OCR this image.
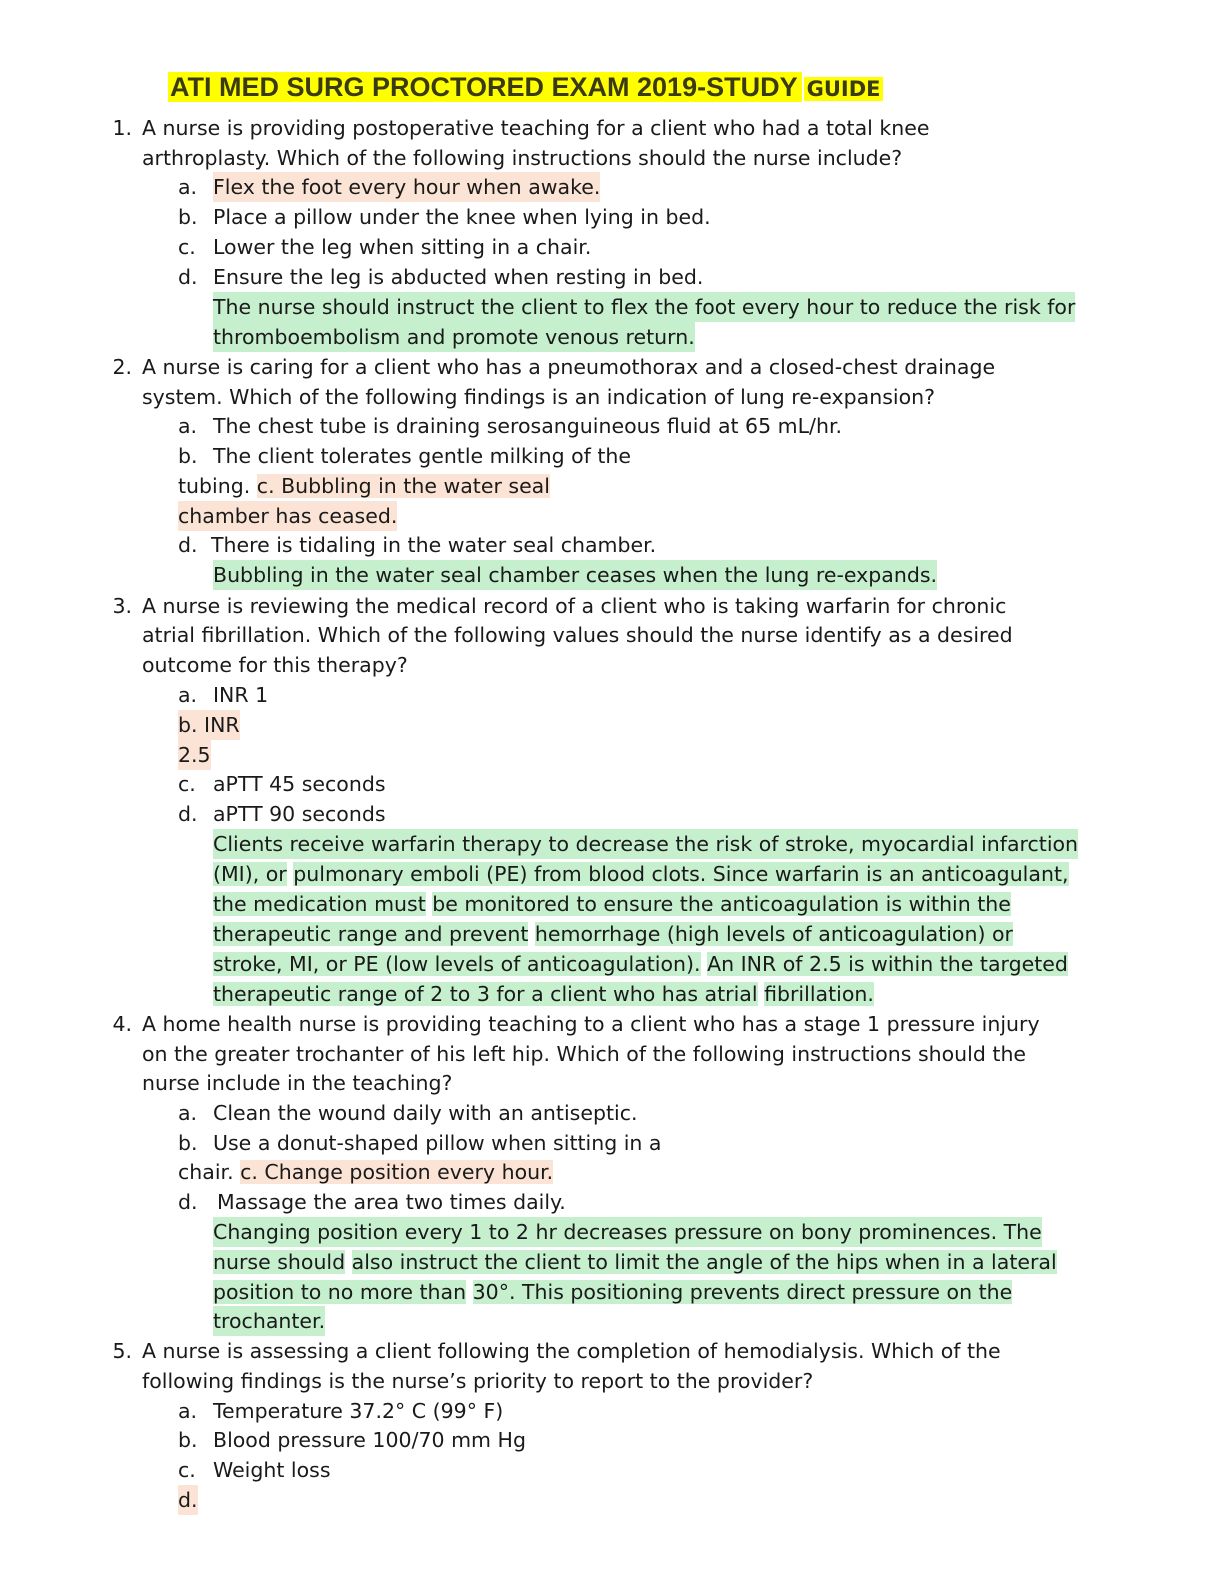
ATI MED SURG PROCTORED EXAM 2019-STUDY GUIDE
1. A nurse is providing postoperative teaching for a client who had a total knee
arthroplasty. Which of the following instructions should the nurse include?
a. Flex the foot every hour when awake.
b. Place a pillow under the knee when lying in bed.
c. Lower the leg when sitting in a chair.
d. Ensure the leg is abducted when resting in bed.
The nurse should instruct the client to flex the foot every hour to reduce the risk for
thromboembolism and promote venous return.
2. A nurse is caring for a client who has a pneumothorax and a closed-chest drainage
system. Which of the following findings is an indication of lung re-expansion?
a. The chest tube is draining serosanguineous fluid at 65 mL/hr.
b. The client tolerates gentle milking of the
tubing. c. Bubbling in the water seal
chamber has ceased.
d. There is tidaling in the water seal chamber.
Bubbling in the water seal chamber ceases when the lung re-expands.
3. A nurse is reviewing the medical record of a client who is taking warfarin for chronic
atrial fibrillation. Which of the following values should the nurse identify as a desired
outcome for this therapy?
a. INR 1
b. INR
2.5
c. aPTT 45 seconds
d. aPTT 90 seconds
Clients receive warfarin therapy to decrease the risk of stroke, myocardial infarction
(MI), or pulmonary emboli (PE) from blood clots. Since warfarin is an anticoagulant,
the medication must be monitored to ensure the anticoagulation is within the
therapeutic range and prevent hemorrhage (high levels of anticoagulation) or
stroke, MI, or PE (low levels of anticoagulation). An INR of 2.5 is within the targeted
therapeutic range of 2 to 3 for a client who has atrial fibrillation.
4. A home health nurse is providing teaching to a client who has a stage 1 pressure injury
on the greater trochanter of his left hip. Which of the following instructions should the
nurse include in the teaching?
a. Clean the wound daily with an antiseptic.
b. Use a donut-shaped pillow when sitting in a
chair. c. Change position every hour.
d. Massage the area two times daily.
Changing position every 1 to 2 hr decreases pressure on bony prominences. The
nurse should also instruct the client to limit the angle of the hips when in a lateral
position to no more than 30°. This positioning prevents direct pressure on the
trochanter.
5. A nurse is assessing a client following the completion of hemodialysis. Which of the
following findings is the nurse’s priority to report to the provider?
a. Temperature 37.2° C (99° F)
b. Blood pressure 100/70 mm Hg
c. Weight loss
d.
